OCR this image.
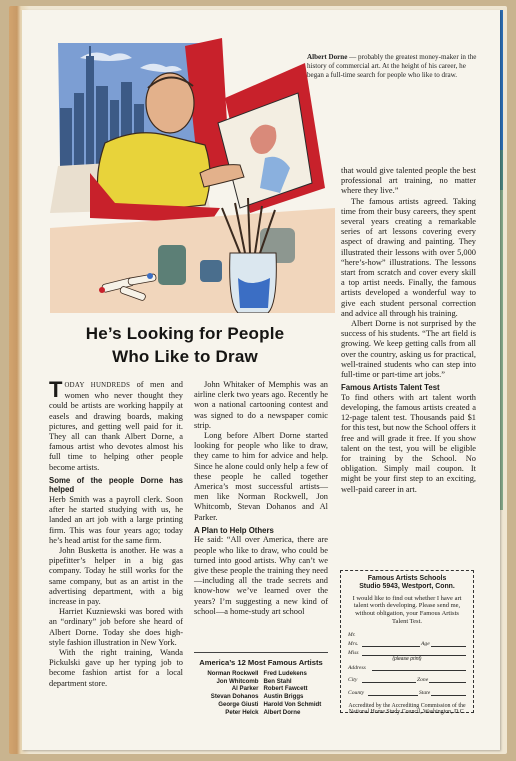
Albert Dorne — probably the greatest money-maker in the history of commercial art. At the height of his career, he began a full-time search for people who like to draw.
He’s Looking for People
Who Like to Draw

TODAY HUNDREDS of men and women who never thought they could be artists are working happily at easels and drawing boards, making pictures, and getting well paid for it. They all can thank Albert Dorne, a famous artist who devotes almost his full time to helping other people become artists.

Some of the people Dorne has helped

Herb Smith was a payroll clerk. Soon after he started studying with us, he landed an art job with a large printing firm. This was four years ago; today he’s head artist for the same firm.

John Busketta is another. He was a pipefitter’s helper in a big gas company. Today he still works for the same company, but as an artist in the advertising department, with a big increase in pay.

Harriet Kuzniewski was bored with an “ordinary” job before she heard of Albert Dorne. Today she does high-style fashion illustration in New York.

With the right training, Wanda Pickulski gave up her typing job to become fashion artist for a local department store.

John Whitaker of Memphis was an airline clerk two years ago. Recently he won a national cartooning contest and was signed to do a newspaper comic strip.

Long before Albert Dorne started looking for people who like to draw, they came to him for advice and help. Since he alone could only help a few of these people he called together America’s most successful artists—men like Norman Rockwell, Jon Whitcomb, Stevan Dohanos and Al Parker.

A Plan to Help Others

He said: “All over America, there are people who like to draw, who could be turned into good artists. Why can’t we give these people the training they need—including all the trade secrets and know-how we’ve learned over the years? I’m suggesting a new kind of school—a home-study art school

America’s 12 Most Famous Artists
Norman Rockwell Fred Ludekens
Jon Whitcomb Ben Stahl
Al Parker Robert Fawcett
Stevan Dohanos Austin Briggs
George Giusti Harold Von Schmidt
Peter Helck Albert Dorne

that would give talented people the best professional art training, no matter where they live.”

The famous artists agreed. Taking time from their busy careers, they spent several years creating a remarkable series of art lessons covering every aspect of drawing and painting. They illustrated their lessons with over 5,000 “here’s-how” illustrations. The lessons start from scratch and cover every skill a top artist needs. Finally, the famous artists developed a wonderful way to give each student personal correction and advice all through his training.

Albert Dorne is not surprised by the success of his students. “The art field is growing. We keep getting calls from all over the country, asking us for practical, well-trained students who can step into full-time or part-time art jobs.”

Famous Artists Talent Test

To find others with art talent worth developing, the famous artists created a 12-page talent test. Thousands paid $1 for this test, but now the School offers it free and will grade it free. If you show talent on the test, you will be eligible for training by the School. No obligation. Simply mail coupon. It might be your first step to an exciting, well-paid career in art.

Famous Artists Schools
Studio 5943, Westport, Conn.
I would like to find out whether I have art talent worth developing. Please send me, without obligation, your Famous Artists Talent Test.
Mr.
Mrs.	Age
Miss
(please print)
Address
City	Zone
County	State
Accredited by the Accrediting Commission of the National Home Study Council, Washington, D.C.
